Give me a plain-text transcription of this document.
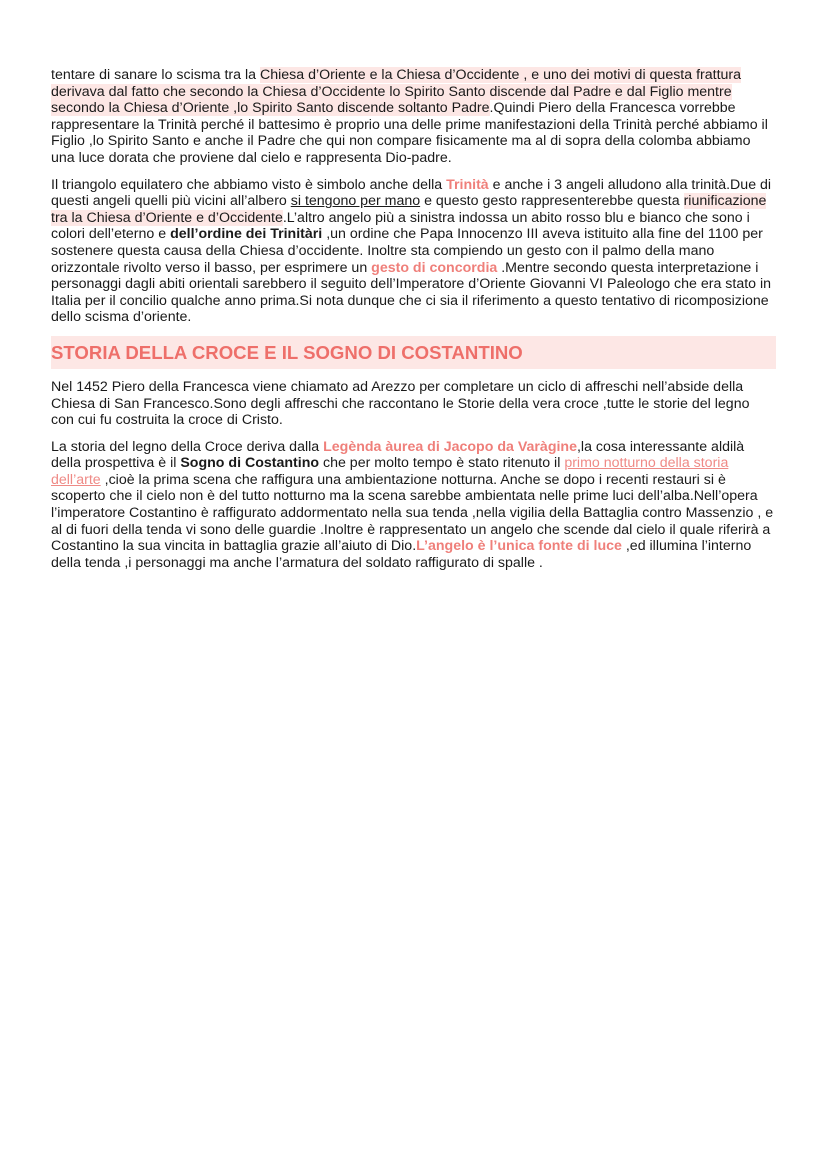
tentare di sanare lo scisma tra la Chiesa d’Oriente e la Chiesa d’Occidente , e uno dei motivi di questa frattura derivava dal fatto che secondo la Chiesa d’Occidente lo Spirito Santo discende dal Padre e dal Figlio mentre secondo la Chiesa d’Oriente ,lo Spirito Santo discende soltanto Padre.Quindi Piero della Francesca vorrebbe rappresentare la Trinità perché il battesimo è proprio una delle prime manifestazioni della Trinità perché abbiamo il Figlio ,lo Spirito Santo e anche il Padre che qui non compare fisicamente ma al di sopra della colomba abbiamo una luce dorata che proviene dal cielo e rappresenta Dio-padre.

Il triangolo equilatero che abbiamo visto è simbolo anche della Trinità e anche i 3 angeli alludono alla trinità.Due di questi angeli quelli più vicini all’albero si tengono per mano e questo gesto rappresenterebbe questa riunificazione tra la Chiesa d’Oriente e d’Occidente.L’altro angelo più a sinistra indossa un abito rosso blu e bianco che sono i colori dell’eterno e dell’ordine dei Trinitàri ,un ordine che Papa Innocenzo III aveva istituito alla fine del 1100 per sostenere questa causa della Chiesa d’occidente. Inoltre sta compiendo un gesto con il palmo della mano orizzontale rivolto verso il basso, per esprimere un gesto di concordia .Mentre secondo questa interpretazione i personaggi dagli abiti orientali sarebbero il seguito dell’Imperatore d’Oriente Giovanni VI Paleologo che era stato in Italia per il concilio qualche anno prima.Si nota dunque che ci sia il riferimento a questo tentativo di ricomposizione dello scisma d’oriente.

STORIA DELLA CROCE E IL SOGNO DI COSTANTINO

Nel 1452 Piero della Francesca viene chiamato ad Arezzo per completare un ciclo di affreschi nell’abside della Chiesa di San Francesco.Sono degli affreschi che raccontano le Storie della vera croce ,tutte le storie del legno con cui fu costruita la croce di Cristo.

La storia del legno della Croce deriva dalla Legènda àurea di Jacopo da Varàgine,la cosa interessante aldilà della prospettiva è il Sogno di Costantino che per molto tempo è stato ritenuto il primo notturno della storia dell’arte ,cioè la prima scena che raffigura una ambientazione notturna. Anche se dopo i recenti restauri si è scoperto che il cielo non è del tutto notturno ma la scena sarebbe ambientata nelle prime luci dell’alba.Nell’opera l’imperatore Costantino è raffigurato addormentato nella sua tenda ,nella vigilia della Battaglia contro Massenzio , e al di fuori della tenda vi sono delle guardie .Inoltre è rappresentato un angelo che scende dal cielo il quale riferirà a Costantino la sua vincita in battaglia grazie all’aiuto di Dio.L’angelo è l’unica fonte di luce ,ed illumina l’interno della tenda ,i personaggi ma anche l’armatura del soldato raffigurato di spalle .
